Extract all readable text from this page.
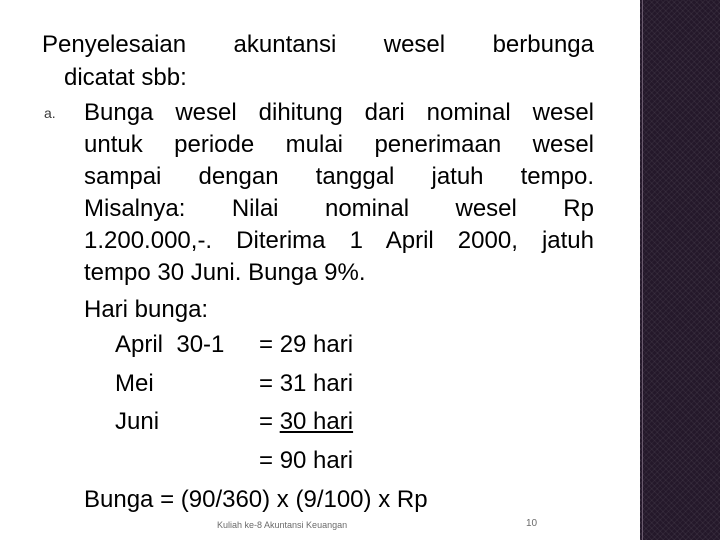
Penyelesaian akuntansi wesel berbunga
dicatat sbb:
a. Bunga wesel dihitung dari nominal wesel
untuk periode mulai penerimaan wesel
sampai dengan tanggal jatuh tempo.
Misalnya: Nilai nominal wesel Rp
1.200.000,-. Diterima 1 April 2000, jatuh
tempo 30 Juni. Bunga 9%.
Hari bunga:
April  30-1 = 29 hari
Mei	= 31 hari
Juni	= 30 hari
= 90 hari
Bunga = (90/360) x (9/100) x Rp
Kuliah ke-8 Akuntansi Keuangan	10
